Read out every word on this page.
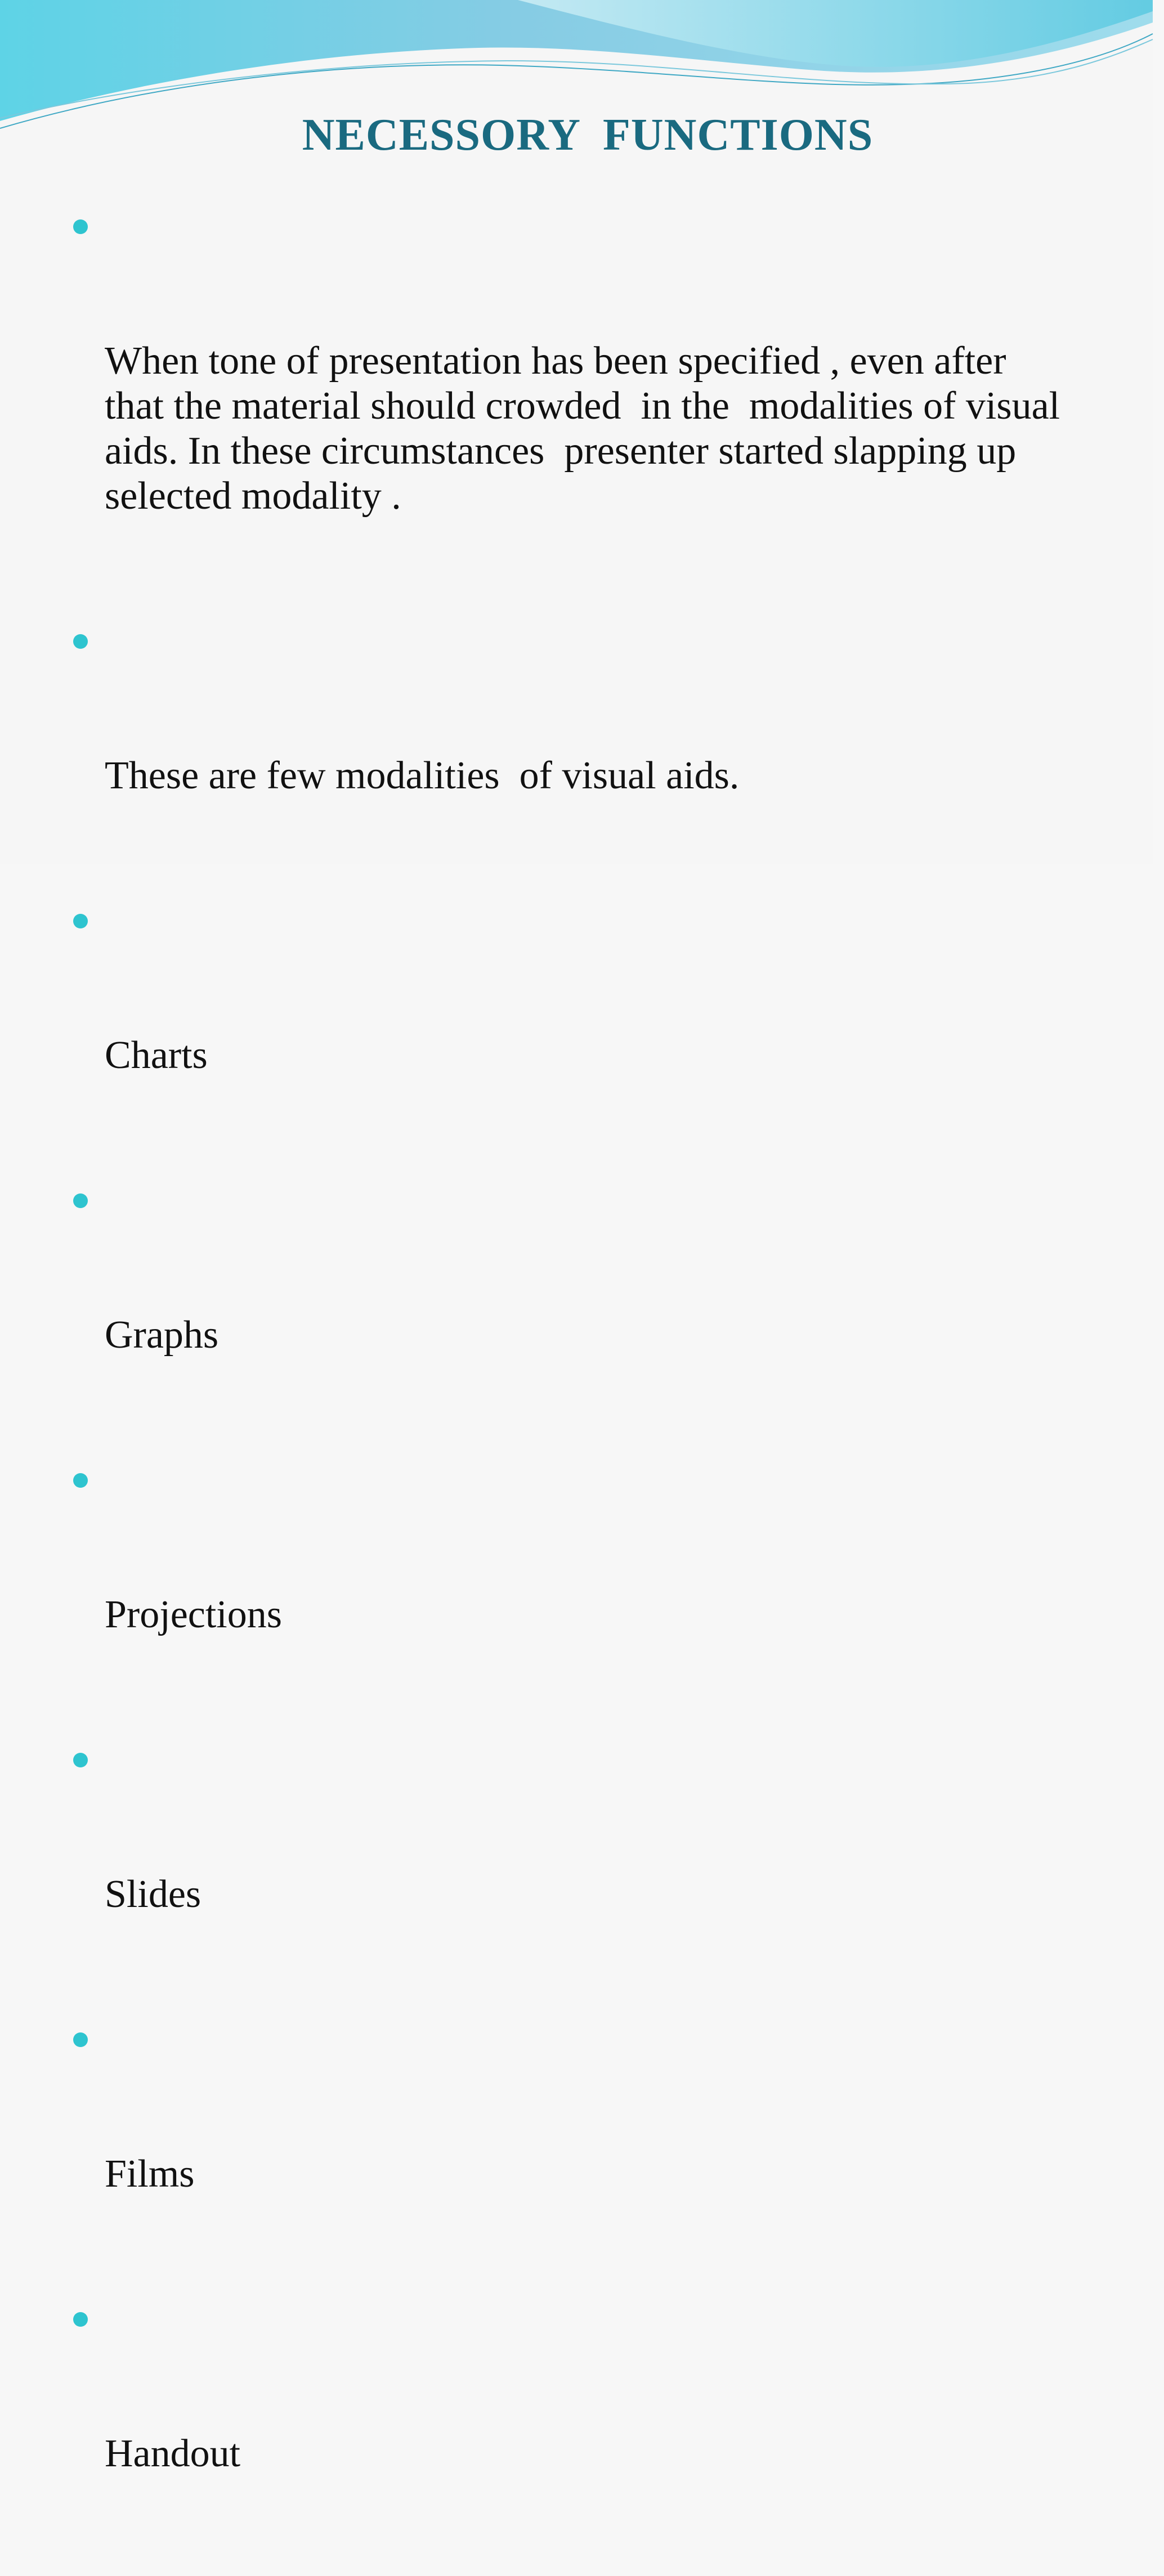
NECESSORY  FUNCTIONS

When tone of presentation has been specified , even after that the material should crowded  in the  modalities of visual aids. In these circumstances  presenter started slapping up selected modality .

These are few modalities  of visual aids.

Charts

Graphs

Projections

Slides

Films

Handout
